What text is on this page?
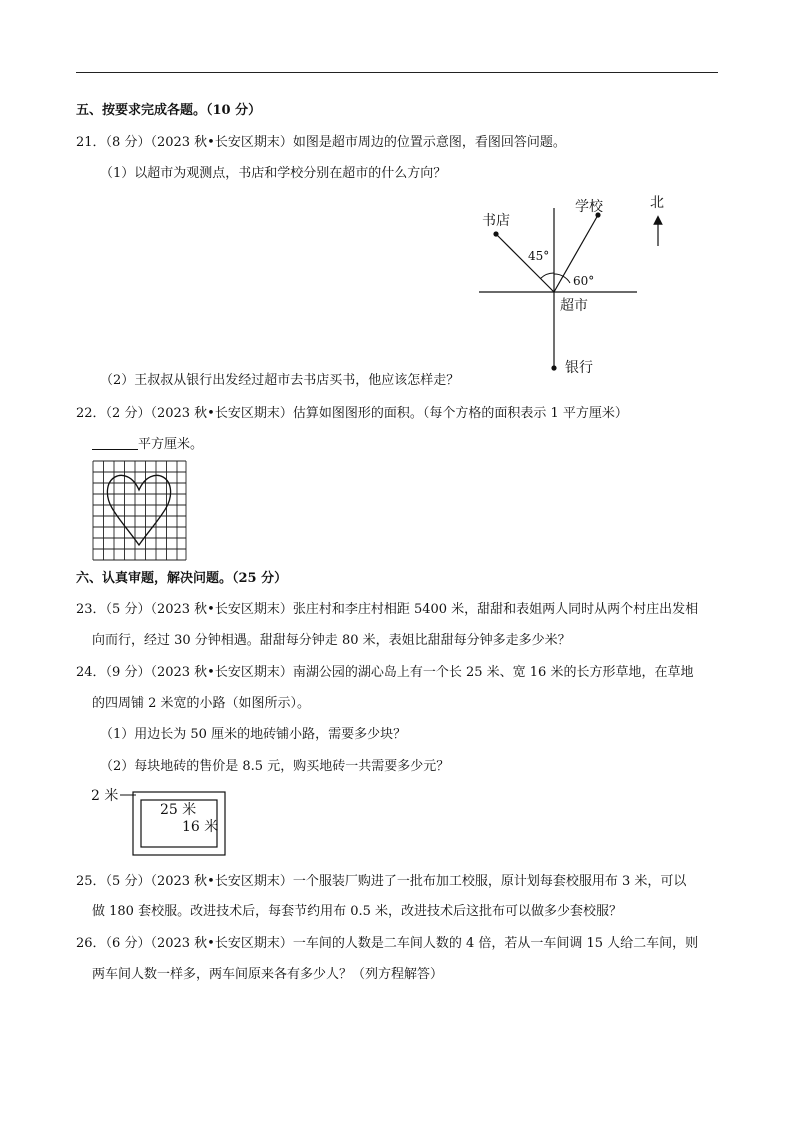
五、按要求完成各题。（10 分）
21．（8 分）（2023 秋•长安区期末）如图是超市周边的位置示意图，看图回答问题。
（1）以超市为观测点，书店和学校分别在超市的什么方向？
书店
学校	北
45°
60°
超市
银行
（2）王叔叔从银行出发经过超市去书店买书，他应该怎样走？
22．（2 分）（2023 秋•长安区期末）估算如图图形的面积。（每个方格的面积表示 1 平方厘米）
平方厘米。
六、认真审题，解决问题。（25 分）
23．（5 分）（2023 秋•长安区期末）张庄村和李庄村相距 5400 米，甜甜和表姐两人同时从两个村庄出发相
向而行，经过 30 分钟相遇。甜甜每分钟走 80 米，表姐比甜甜每分钟多走多少米？
24．（9 分）（2023 秋•长安区期末）南湖公园的湖心岛上有一个长 25 米、宽 16 米的长方形草地，在草地
的四周铺 2 米宽的小路（如图所示）。
（1）用边长为 50 厘米的地砖铺小路，需要多少块？
（2）每块地砖的售价是 8.5 元，购买地砖一共需要多少元？
2 米
25 米
16 米
25．（5 分）（2023 秋•长安区期末）一个服装厂购进了一批布加工校服，原计划每套校服用布 3 米，可以
做 180 套校服。改进技术后，每套节约用布 0.5 米，改进技术后这批布可以做多少套校服？
26．（6 分）（2023 秋•长安区期末）一车间的人数是二车间人数的 4 倍，若从一车间调 15 人给二车间，则
两车间人数一样多，两车间原来各有多少人？（列方程解答）
